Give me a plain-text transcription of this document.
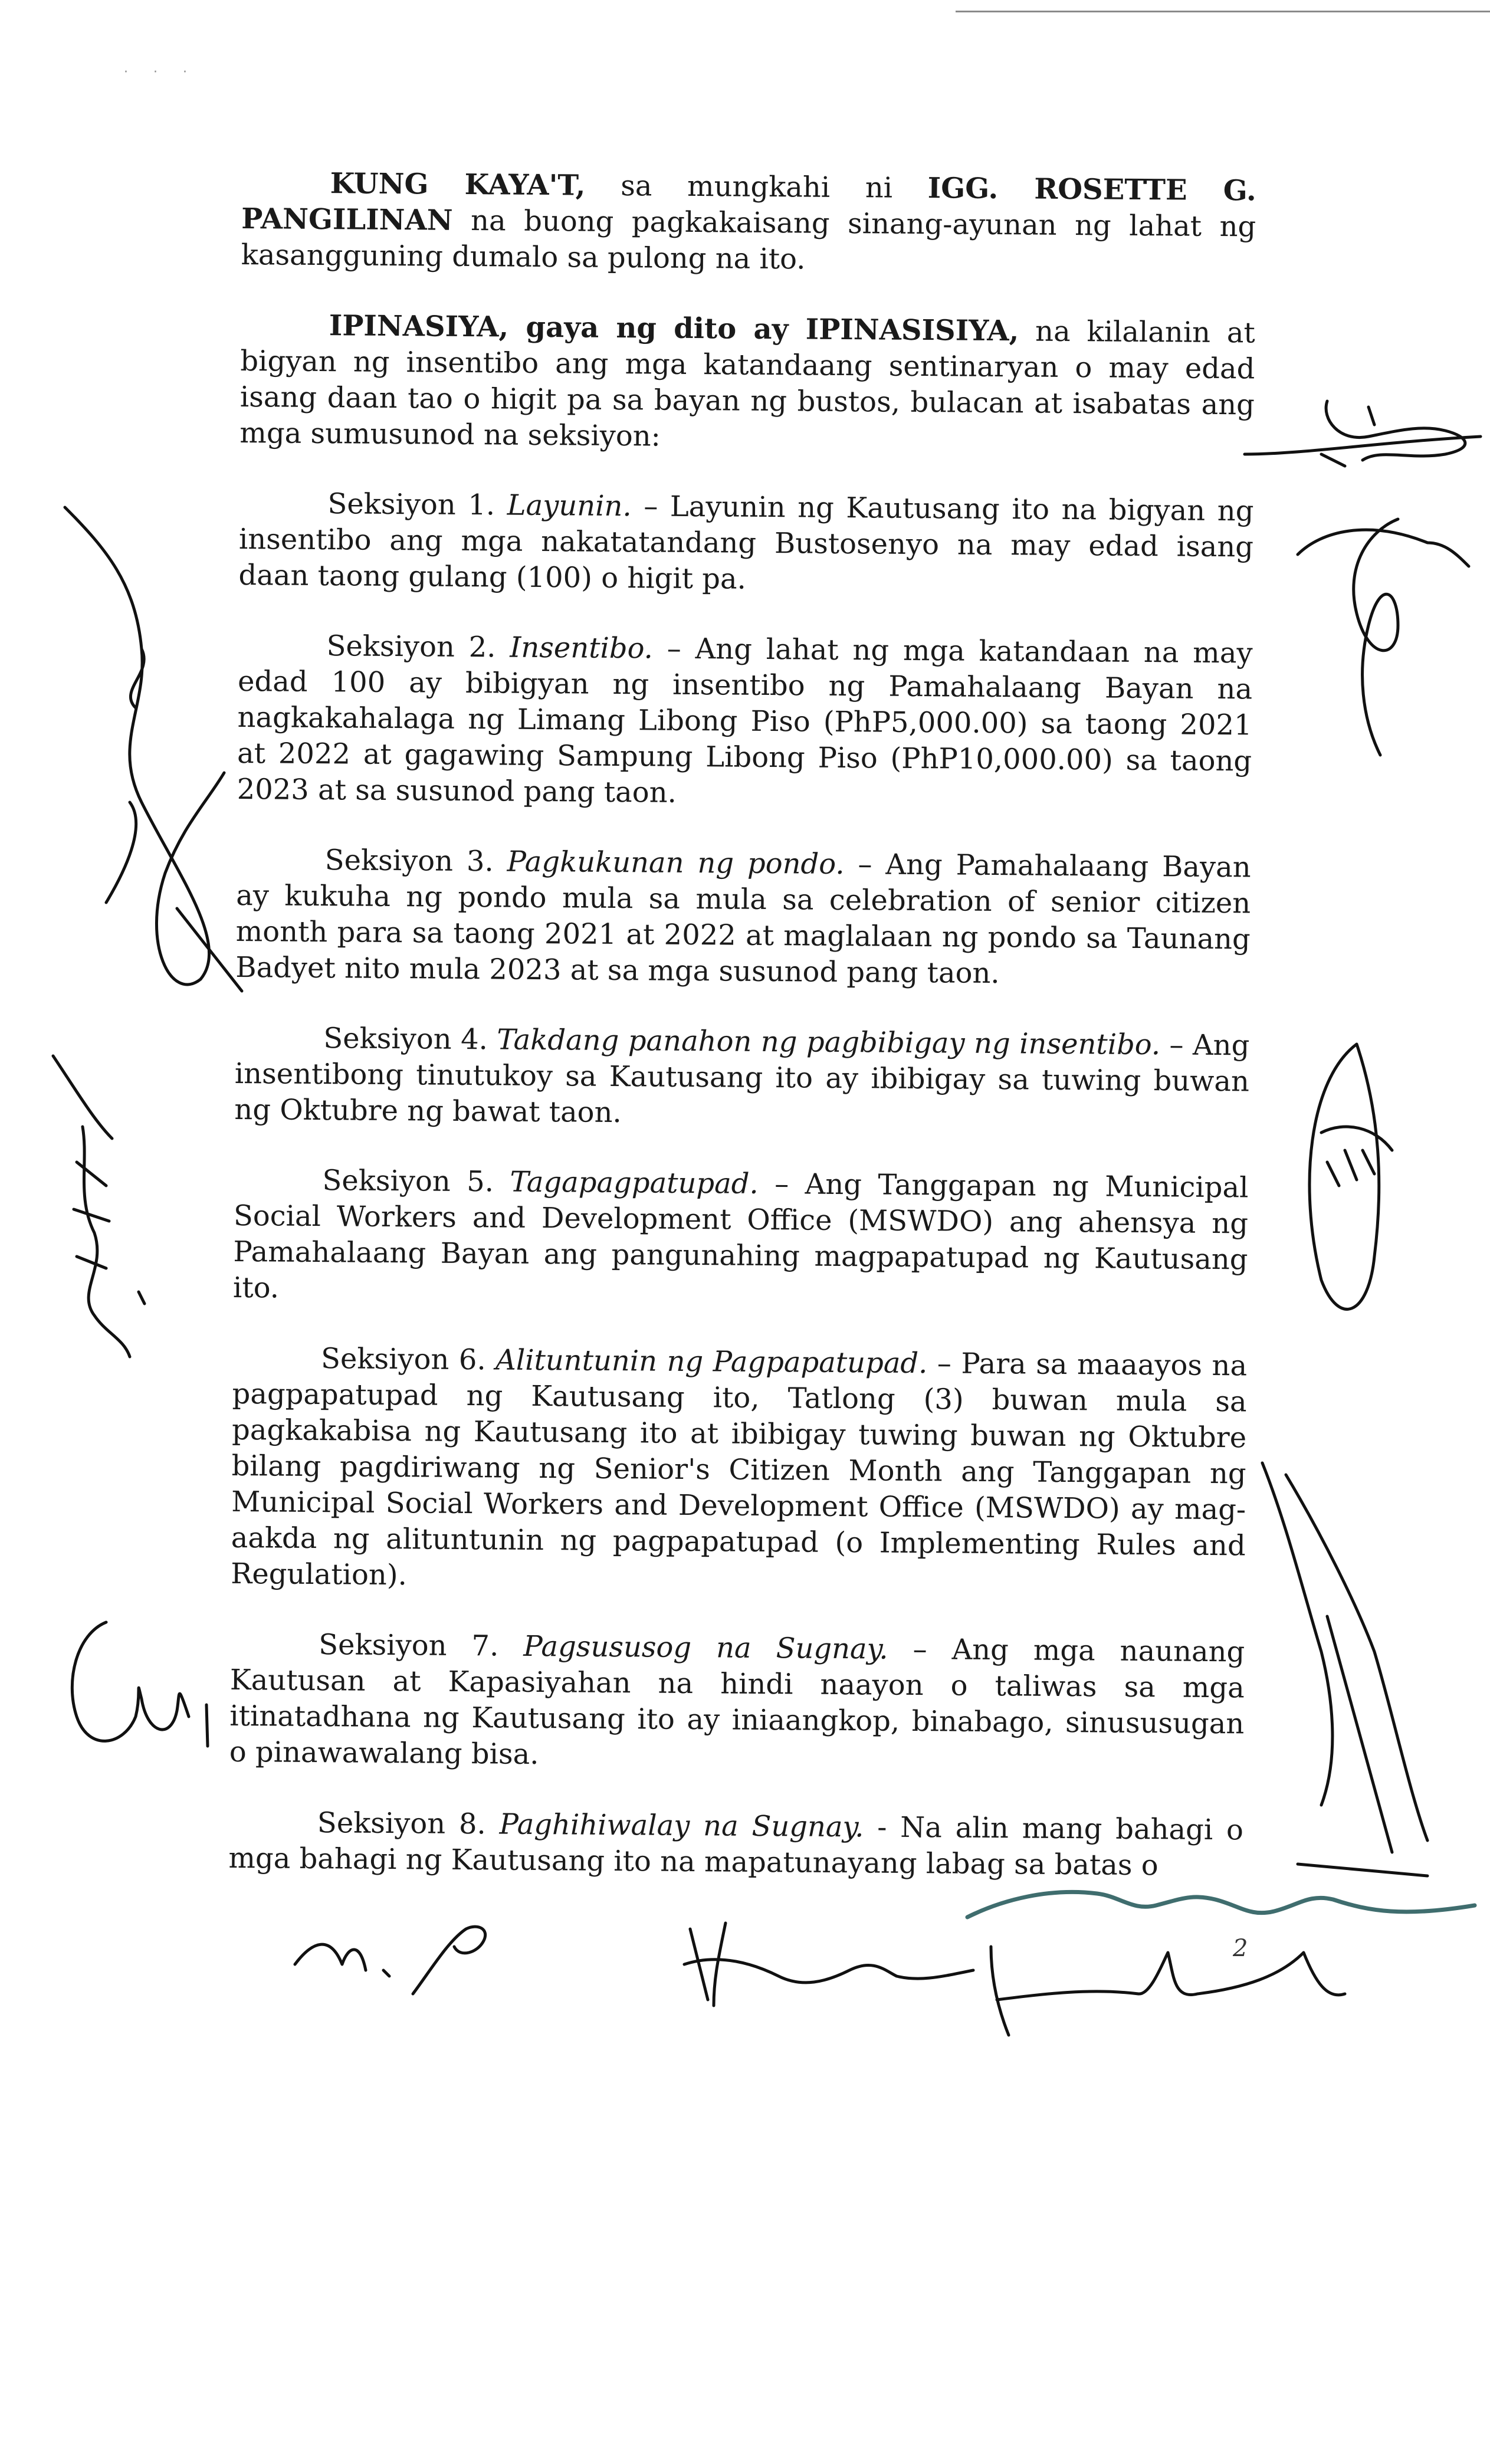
· · ·

KUNG KAYA'T, sa mungkahi ni IGG. ROSETTE G. PANGILINAN na buong pagkakaisang sinang-ayunan ng lahat ng kasangguning dumalo sa pulong na ito.

IPINASIYA, gaya ng dito ay IPINASISIYA, na kilalanin at bigyan ng insentibo ang mga katandaang sentinaryan o may edad isang daan tao o higit pa sa bayan ng bustos, bulacan at isabatas ang mga sumusunod na seksiyon:

Seksiyon 1. Layunin. – Layunin ng Kautusang ito na bigyan ng insentibo ang mga nakatatandang Bustosenyo na may edad isang daan taong gulang (100) o higit pa.

Seksiyon 2. Insentibo. – Ang lahat ng mga katandaan na may edad 100 ay bibigyan ng insentibo ng Pamahalaang Bayan na nagkakahalaga ng Limang Libong Piso (PhP5,000.00) sa taong 2021 at 2022 at gagawing Sampung Libong Piso (PhP10,000.00) sa taong 2023 at sa susunod pang taon.

Seksiyon 3. Pagkukunan ng pondo. – Ang Pamahalaang Bayan ay kukuha ng pondo mula sa mula sa celebration of senior citizen month para sa taong 2021 at 2022 at maglalaan ng pondo sa Taunang Badyet nito mula 2023 at sa mga susunod pang taon.

Seksiyon 4. Takdang panahon ng pagbibigay ng insentibo. – Ang insentibong tinutukoy sa Kautusang ito ay ibibigay sa tuwing buwan ng Oktubre ng bawat taon.

Seksiyon 5. Tagapagpatupad. – Ang Tanggapan ng Municipal Social Workers and Development Office (MSWDO) ang ahensya ng Pamahalaang Bayan ang pangunahing magpapatupad ng Kautusang ito.

Seksiyon 6. Alituntunin ng Pagpapatupad. – Para sa maaayos na pagpapatupad ng Kautusang ito, Tatlong (3) buwan mula sa pagkakabisa ng Kautusang ito at ibibigay tuwing buwan ng Oktubre bilang pagdiriwang ng Senior's Citizen Month ang Tanggapan ng Municipal Social Workers and Development Office (MSWDO) ay mag-aakda ng alituntunin ng pagpapatupad (o Implementing Rules and Regulation).

Seksiyon 7. Pagsususog na Sugnay. – Ang mga naunang Kautusan at Kapasiyahan na hindi naayon o taliwas sa mga itinatadhana ng Kautusang ito ay iniaangkop, binabago, sinususugan o pinawawalang bisa.

Seksiyon 8. Paghihiwalay na Sugnay. - Na alin mang bahagi o mga bahagi ng Kautusang ito na mapatunayang labag sa batas o

2
